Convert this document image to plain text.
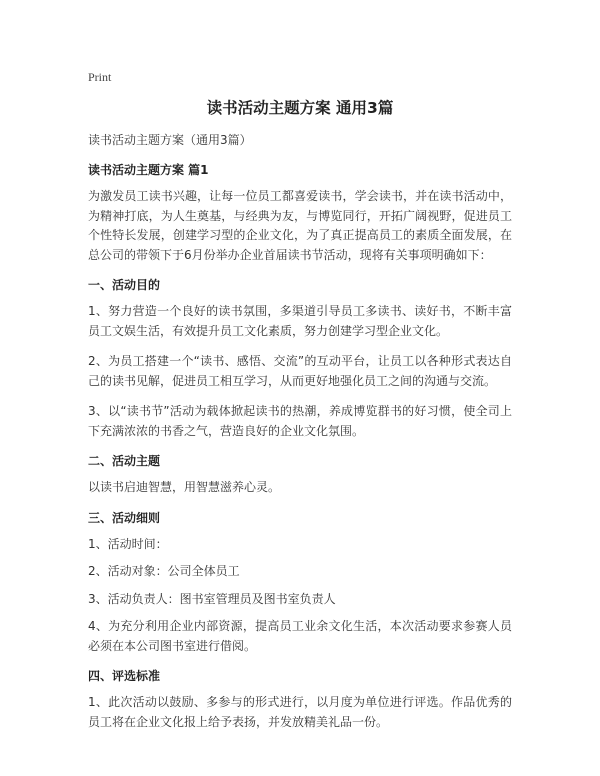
Print
读书活动主题方案 通用3篇

读书活动主题方案（通用3篇）

读书活动主题方案 篇1

为激发员工读书兴趣，让每一位员工都喜爱读书，学会读书，并在读书活动中，为精神打底，为人生奠基，与经典为友，与博览同行，开拓广阔视野，促进员工个性特长发展，创建学习型的企业文化，为了真正提高员工的素质全面发展，在总公司的带领下于6月份举办企业首届读书节活动，现将有关事项明确如下：

一、活动目的

1、努力营造一个良好的读书氛围，多渠道引导员工多读书、读好书，不断丰富员工文娱生活，有效提升员工文化素质，努力创建学习型企业文化。

2、为员工搭建一个“读书、感悟、交流”的互动平台，让员工以各种形式表达自己的读书见解，促进员工相互学习，从而更好地强化员工之间的沟通与交流。

3、以“读书节”活动为载体掀起读书的热潮，养成博览群书的好习惯，使全司上下充满浓浓的书香之气，营造良好的企业文化氛围。

二、活动主题

以读书启迪智慧，用智慧滋养心灵。

三、活动细则

1、活动时间：

2、活动对象：公司全体员工

3、活动负责人：图书室管理员及图书室负责人

4、为充分利用企业内部资源，提高员工业余文化生活，本次活动要求参赛人员必须在本公司图书室进行借阅。

四、评选标准

1、此次活动以鼓励、多参与的形式进行，以月度为单位进行评选。作品优秀的 员工将在企业文化报上给予表扬，并发放精美礼品一份。
